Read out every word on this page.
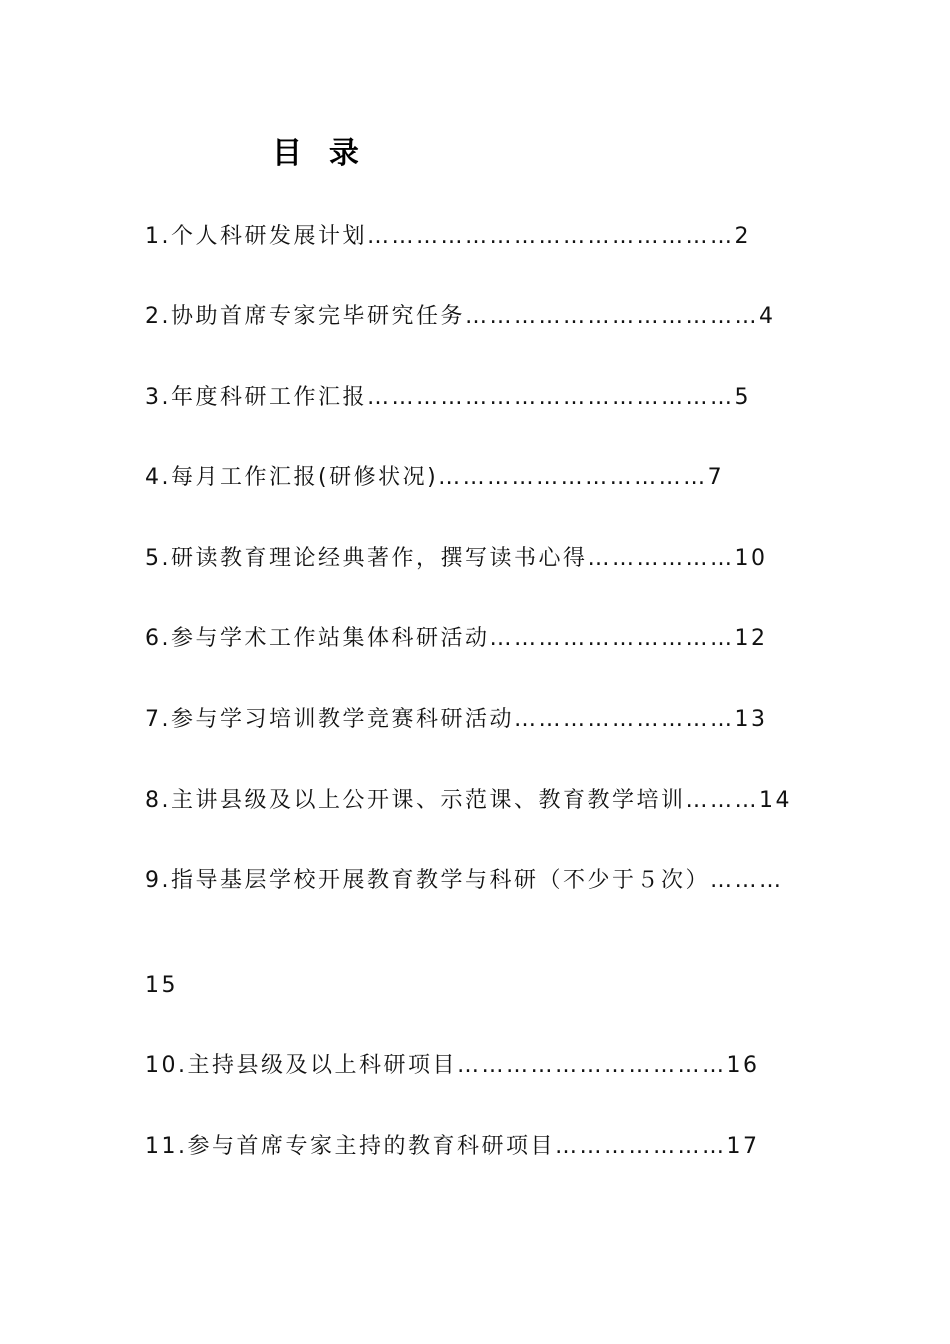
目  录
1.个人科研发展计划………………………………………2
2.协助首席专家完毕研究任务………………………………4
3.年度科研工作汇报………………………………………5
4.每月工作汇报(研修状况)……………………………7
5.研读教育理论经典著作，撰写读书心得………………10
6.参与学术工作站集体科研活动…………………………12
7.参与学习培训教学竞赛科研活动………………………13
8.主讲县级及以上公开课、示范课、教育教学培训………14
9.指导基层学校开展教育教学与科研（不少于５次）………
15
10.主持县级及以上科研项目……………………………16
11.参与首席专家主持的教育科研项目…………………17
